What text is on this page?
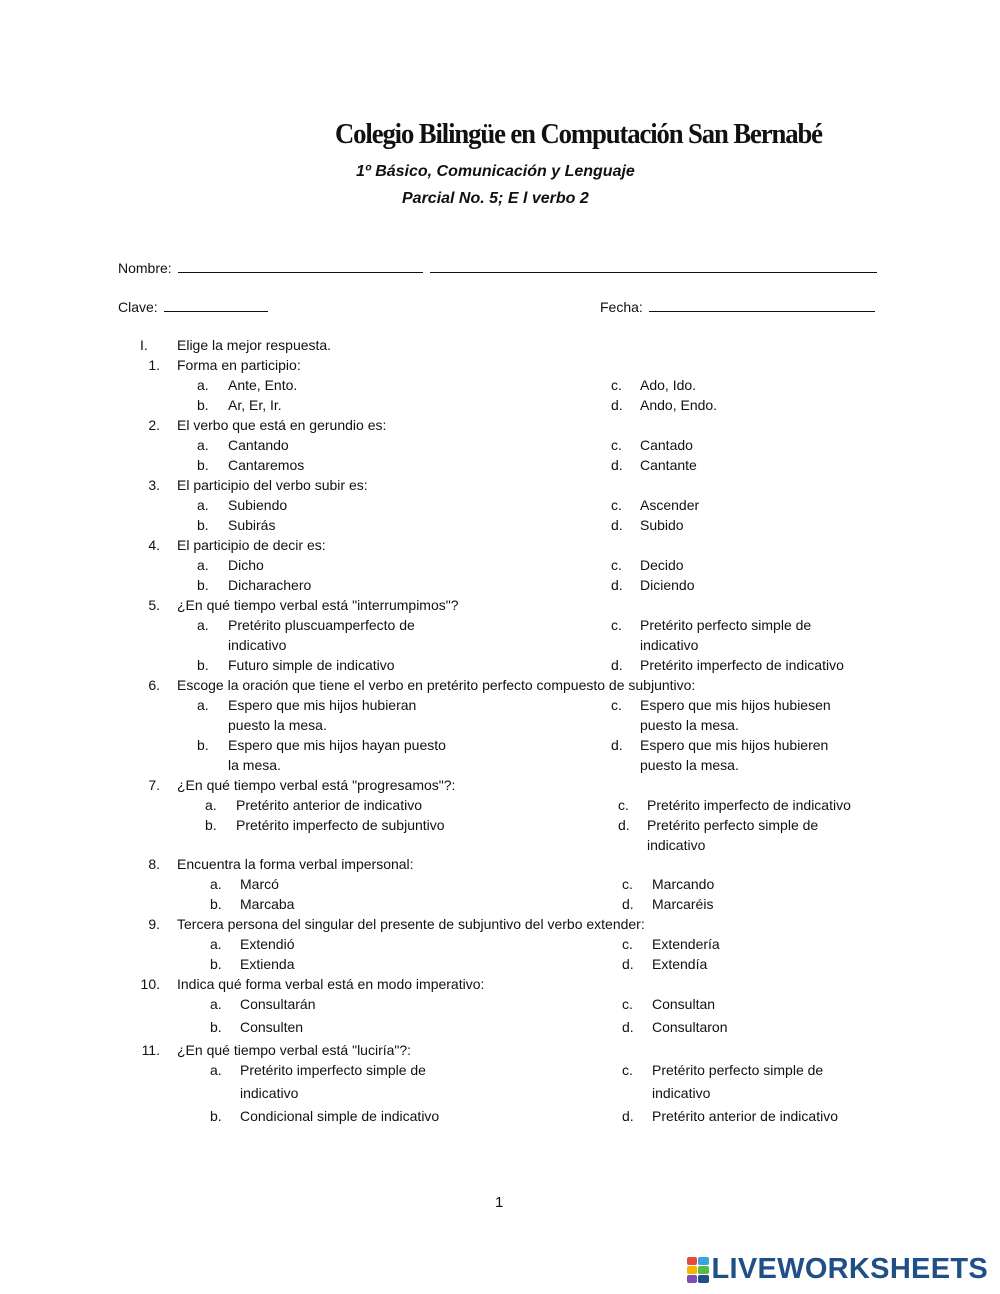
Colegio Bilingüe en Computación San Bernabé
1º Básico, Comunicación y Lenguaje
Parcial No. 5; E l verbo 2
Nombre:
Clave:	Fecha:
I. Elige la mejor respuesta.
1. Forma en participio:
a. Ante, Ento.
b. Ar, Er, Ir.
c. Ado, Ido.
d. Ando, Endo.
2. El verbo que está en gerundio es:
a. Cantando
b. Cantaremos
c. Cantado
d. Cantante
3. El participio del verbo subir es:
a. Subiendo
b. Subirás
c. Ascender
d. Subido
4. El participio de decir es:
a. Dicho
b. Dicharachero
c. Decido
d. Diciendo
5. ¿En qué tiempo verbal está "interrumpimos"?
a. Pretérito pluscuamperfecto de
indicativo
b. Futuro simple de indicativo
c. Pretérito perfecto simple de
indicativo
d. Pretérito imperfecto de indicativo
6. Escoge la oración que tiene el verbo en pretérito perfecto compuesto de subjuntivo:
a. Espero que mis hijos hubieran
puesto la mesa.
b. Espero que mis hijos hayan puesto
la mesa.
c. Espero que mis hijos hubiesen
puesto la mesa.
d. Espero que mis hijos hubieren
puesto la mesa.
7. ¿En qué tiempo verbal está "progresamos"?:
a. Pretérito anterior de indicativo
b. Pretérito imperfecto de subjuntivo
c. Pretérito imperfecto de indicativo
d. Pretérito perfecto simple de
indicativo
8. Encuentra la forma verbal impersonal:
a. Marcó
b. Marcaba
c. Marcando
d. Marcaréis
9. Tercera persona del singular del presente de subjuntivo del verbo extender:
a. Extendió
b. Extienda
c. Extendería
d. Extendía
10. Indica qué forma verbal está en modo imperativo:
a. Consultarán
b. Consulten
c. Consultan
d. Consultaron
11. ¿En qué tiempo verbal está "luciría"?:
a. Pretérito imperfecto simple de
indicativo
b. Condicional simple de indicativo
c. Pretérito perfecto simple de
indicativo
d. Pretérito anterior de indicativo
1
LIVEWORKSHEETS
